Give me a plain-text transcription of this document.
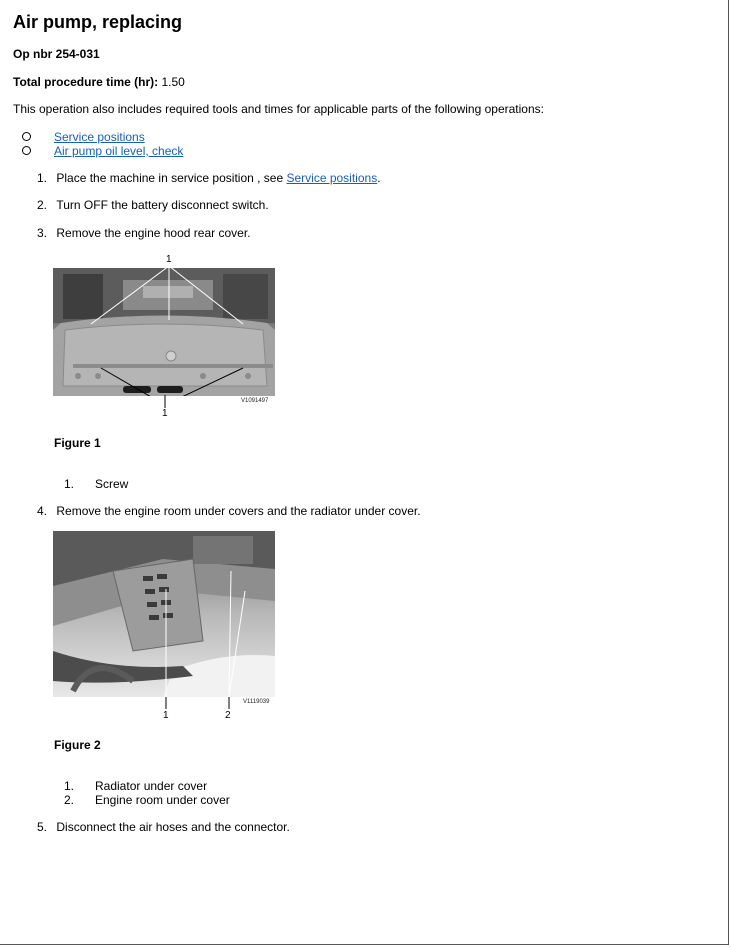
Air pump, replacing
Op nbr 254-031
Total procedure time (hr): 1.50
This operation also includes required tools and times for applicable parts of the following operations:
Service positions
Air pump oil level, check
1. Place the machine in service position , see Service positions.
2. Turn OFF the battery disconnect switch.
3. Remove the engine hood rear cover.
1
1
V1091497
Figure 1
1. Screw
4. Remove the engine room under covers and the radiator under cover.
1	2
V1119039
Figure 2
1. Radiator under cover
2. Engine room under cover
5. Disconnect the air hoses and the connector.
